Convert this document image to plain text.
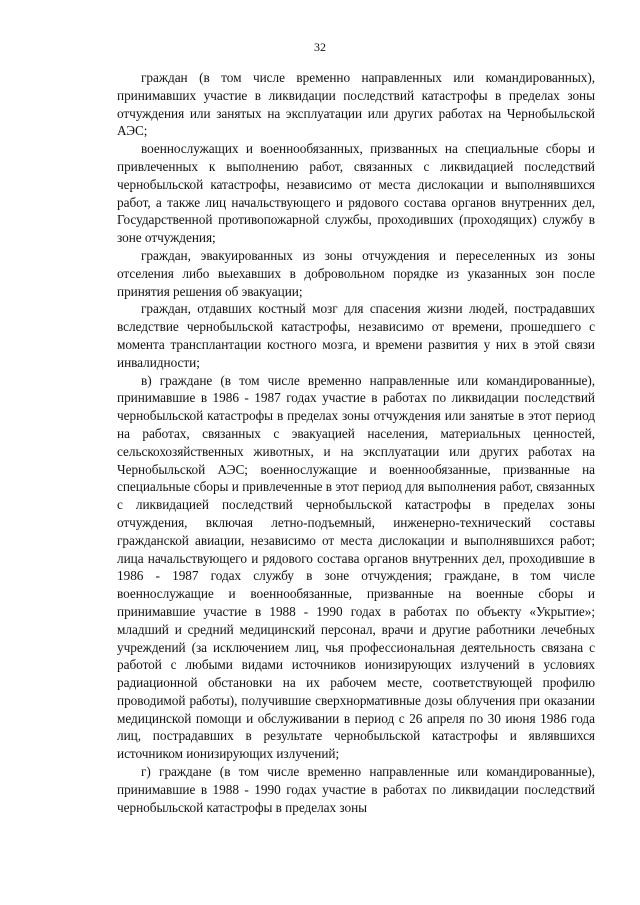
32

граждан (в том числе временно направленных или командированных), принимавших участие в ликвидации последствий катастрофы в пределах зоны отчуждения или занятых на эксплуатации или других работах на Чернобыльской АЭС;

военнослужащих и военнообязанных, призванных на специальные сборы и привлеченных к выполнению работ, связанных с ликвидацией последствий чернобыльской катастрофы, независимо от места дислокации и выполнявшихся работ, а также лиц начальствующего и рядового состава органов внутренних дел, Государственной противопожарной службы, проходивших (проходящих) службу в зоне отчуждения;

граждан, эвакуированных из зоны отчуждения и переселенных из зоны отселения либо выехавших в добровольном порядке из указанных зон после принятия решения об эвакуации;

граждан, отдавших костный мозг для спасения жизни людей, пострадавших вследствие чернобыльской катастрофы, независимо от времени, прошедшего с момента трансплантации костного мозга, и времени развития у них в этой связи инвалидности;

в) граждане (в том числе временно направленные или командированные), принимавшие в 1986 - 1987 годах участие в работах по ликвидации последствий чернобыльской катастрофы в пределах зоны отчуждения или занятые в этот период на работах, связанных с эвакуацией населения, материальных ценностей, сельскохозяйственных животных, и на эксплуатации или других работах на Чернобыльской АЭС; военнослужащие и военнообязанные, призванные на специальные сборы и привлеченные в этот период для выполнения работ, связанных с ликвидацией последствий чернобыльской катастрофы в пределах зоны отчуждения, включая летно-подъемный, инженерно-технический составы гражданской авиации, независимо от места дислокации и выполнявшихся работ; лица начальствующего и рядового состава органов внутренних дел, проходившие в 1986 - 1987 годах службу в зоне отчуждения; граждане, в том числе военнослужащие и военнообязанные, призванные на военные сборы и принимавшие участие в 1988 - 1990 годах в работах по объекту «Укрытие»; младший и средний медицинский персонал, врачи и другие работники лечебных учреждений (за исключением лиц, чья профессиональная деятельность связана с работой с любыми видами источников ионизирующих излучений в условиях радиационной обстановки на их рабочем месте, соответствующей профилю проводимой работы), получившие сверхнормативные дозы облучения при оказании медицинской помощи и обслуживании в период с 26 апреля по 30 июня 1986 года лиц, пострадавших в результате чернобыльской катастрофы и являвшихся источником ионизирующих излучений;

г) граждане (в том числе временно направленные или командированные), принимавшие в 1988 - 1990 годах участие в работах по ликвидации последствий чернобыльской катастрофы в пределах зоны
